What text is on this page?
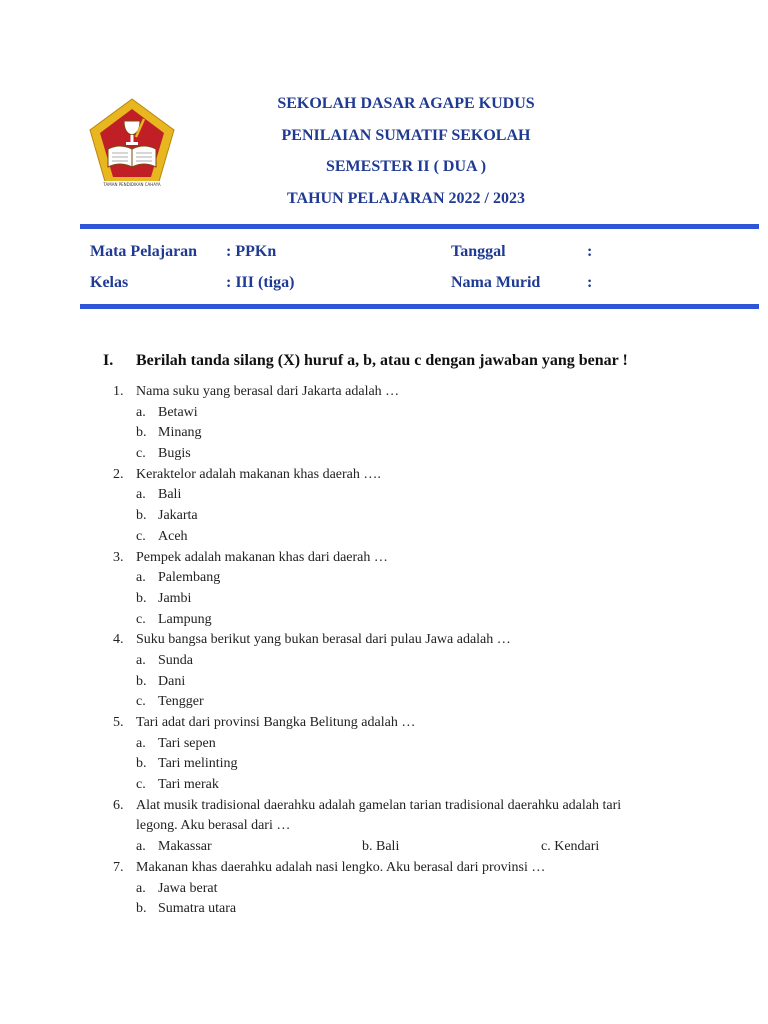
TAMAN PENDIDIKAN CAHAYA
SEKOLAH DASAR AGAPE KUDUS
PENILAIAN SUMATIF SEKOLAH
SEMESTER II ( DUA )
TAHUN PELAJARAN 2022 / 2023
Mata Pelajaran : PPKn	Tanggal	:
Kelas	: III (tiga)	Nama Murid	:
I. Berilah tanda silang (X) huruf a, b, atau c dengan jawaban yang benar !
1. Nama suku yang berasal dari Jakarta adalah …
a. Betawi
b. Minang
c. Bugis
2. Keraktelor adalah makanan khas daerah ….
a. Bali
b. Jakarta
c. Aceh
3. Pempek adalah makanan khas dari daerah …
a. Palembang
b. Jambi
c. Lampung
4. Suku bangsa berikut yang bukan berasal dari pulau Jawa adalah …
a. Sunda
b. Dani
c. Tengger
5. Tari adat dari provinsi Bangka Belitung adalah …
a. Tari sepen
b. Tari melinting
c. Tari merak
6. Alat musik tradisional daerahku adalah gamelan tarian tradisional daerahku adalah tari
legong. Aku berasal dari …
a. Makassar	b. Bali	c. Kendari
7. Makanan khas daerahku adalah nasi lengko. Aku berasal dari provinsi …
a. Jawa berat
b. Sumatra utara
